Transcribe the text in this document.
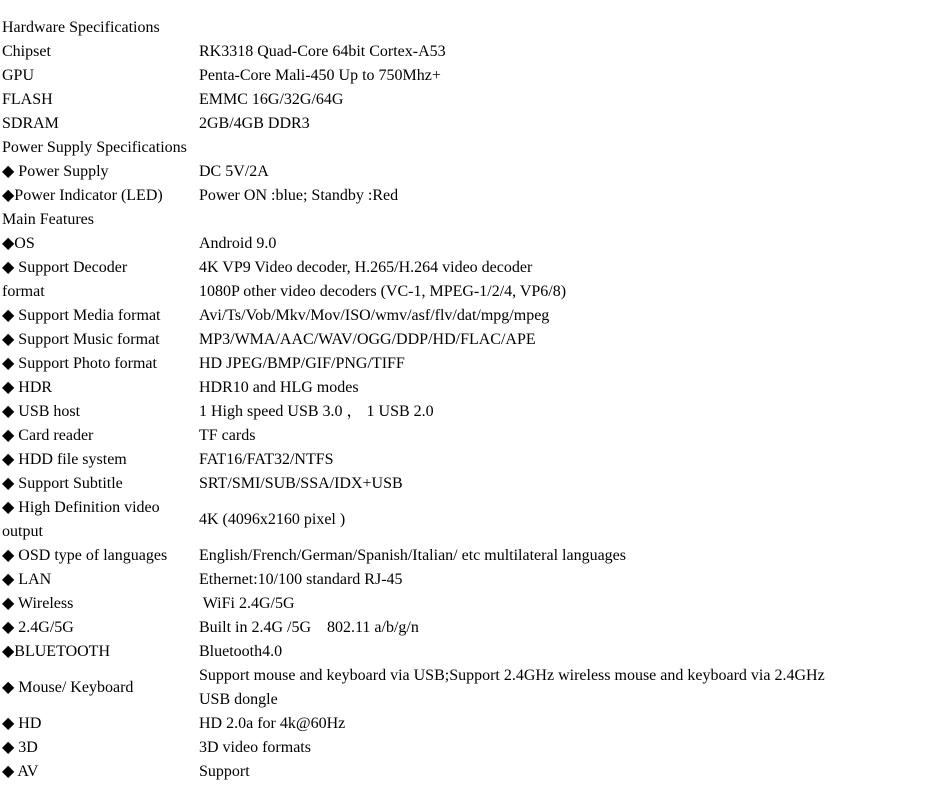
Hardware Specifications	
Chipset	RK3318 Quad-Core 64bit Cortex-A53
GPU	Penta-Core Mali-450 Up to 750Mhz+
FLASH	EMMC 16G/32G/64G
SDRAM	2GB/4GB DDR3
Power Supply Specifications	
◆ Power Supply	DC 5V/2A
◆Power Indicator (LED)	Power ON :blue; Standby :Red
Main Features	
◆OS	Android 9.0
◆ Support Decoder	4K VP9 Video decoder, H.265/H.264 video decoder
format	1080P other video decoders (VC-1, MPEG-1/2/4, VP6/8)
◆ Support Media format	Avi/Ts/Vob/Mkv/Mov/ISO/wmv/asf/flv/dat/mpg/mpeg
◆ Support Music format	MP3/WMA/AAC/WAV/OGG/DDP/HD/FLAC/APE
◆ Support Photo format	HD JPEG/BMP/GIF/PNG/TIFF
◆ HDR	HDR10 and HLG modes
◆ USB host	1 High speed USB 3.0 ， 1 USB 2.0
◆ Card reader	TF cards
◆ HDD file system	FAT16/FAT32/NTFS
◆ Support Subtitle	SRT/SMI/SUB/SSA/IDX+USB
◆ High Definition video output	4K (4096x2160 pixel )
◆ OSD type of languages	English/French/German/Spanish/Italian/ etc multilateral languages
◆ LAN	Ethernet:10/100 standard RJ-45
◆ Wireless	WiFi 2.4G/5G
◆ 2.4G/5G	Built in 2.4G /5G    802.11 a/b/g/n
◆BLUETOOTH	Bluetooth4.0
◆ Mouse/ Keyboard	Support mouse and keyboard via USB;Support 2.4GHz wireless mouse and keyboard via 2.4GHz USB dongle
◆ HD	HD 2.0a for 4k@60Hz
◆ 3D	3D video formats
◆ AV	Support
